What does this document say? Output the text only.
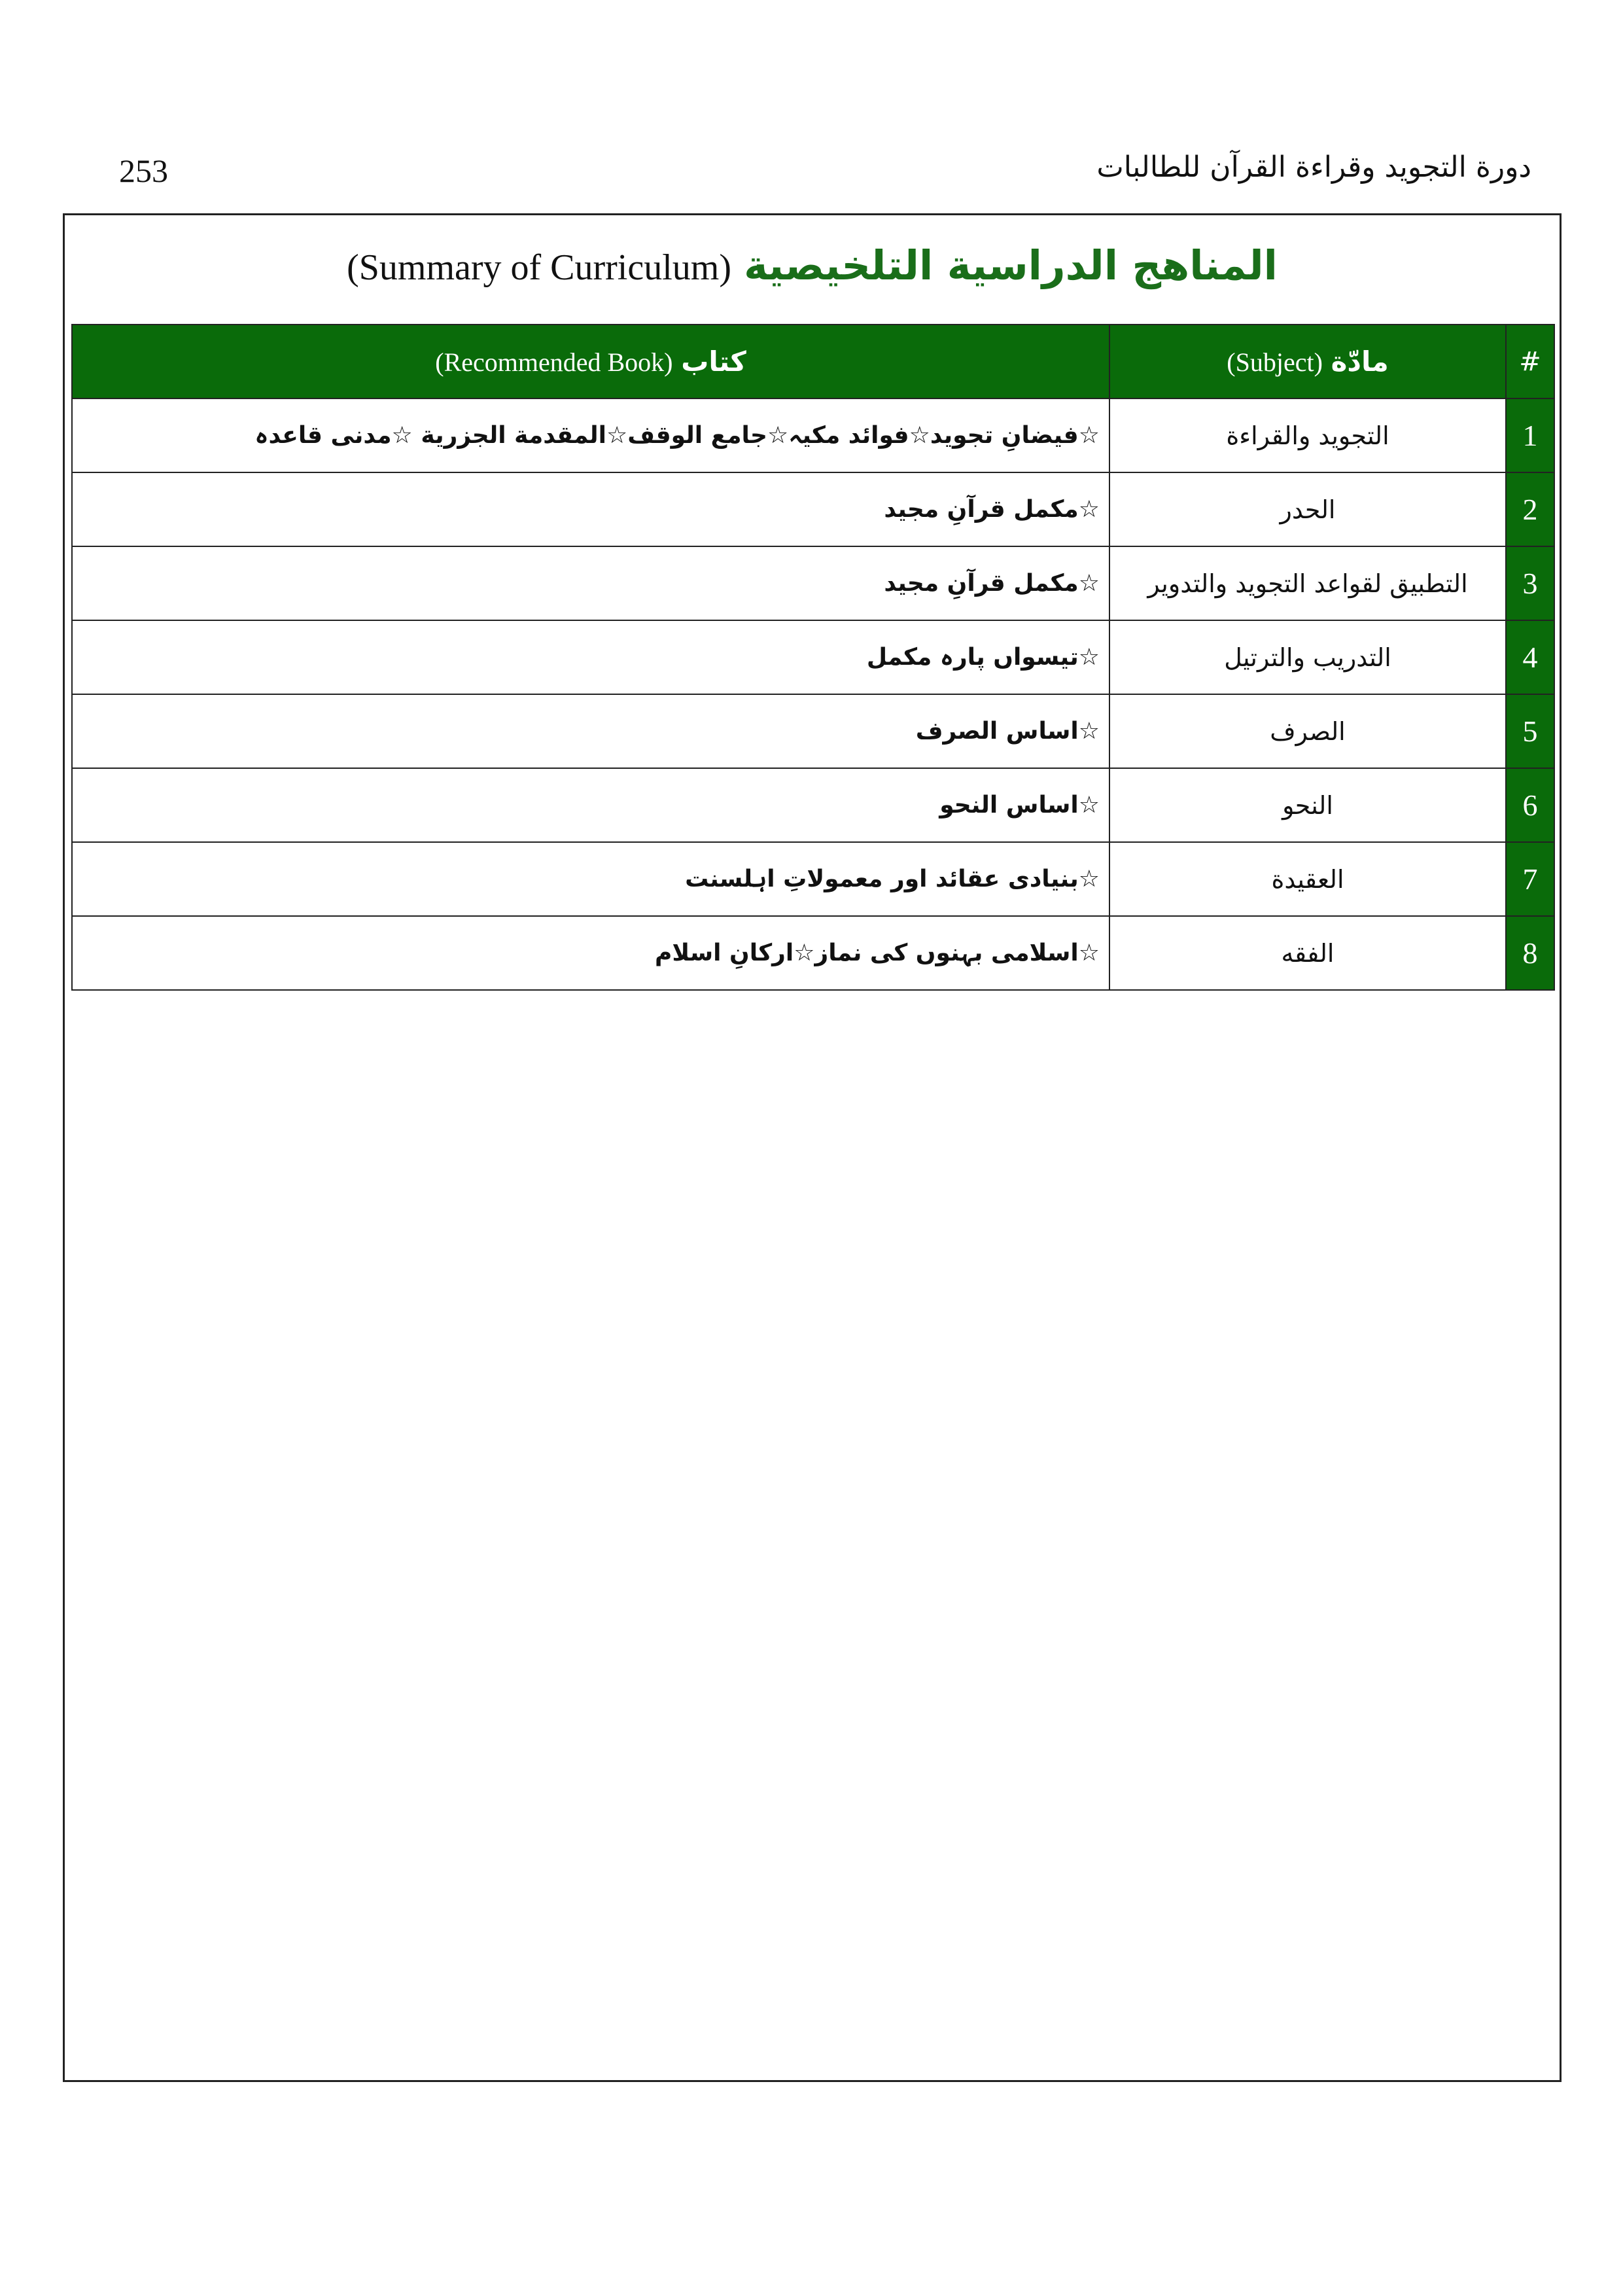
253	دورة التجويد وقراءة القرآن للطالبات
(Summary of Curriculum) المناهج الدراسية التلخيصية
#	مادّة (Subject)	كتاب (Recommended Book)
1	التجويد والقراءة	☆فیضانِ تجوید☆فوائد مکیہ☆جامع الوقف☆المقدمة الجزرية ☆مدنی قاعدہ
2	الحدر	☆مکمل قرآنِ مجید
3	التطبيق لقواعد التجويد والتدوير	☆مکمل قرآنِ مجید
4	التدريب والترتيل	☆تیسواں پارہ مکمل
5	الصرف	☆اساس الصرف
6	النحو	☆اساس النحو
7	العقيدة	☆بنیادی عقائد اور معمولاتِ اہلسنت
8	الفقه	☆اسلامی بہنوں کی نماز☆ارکانِ اسلام
